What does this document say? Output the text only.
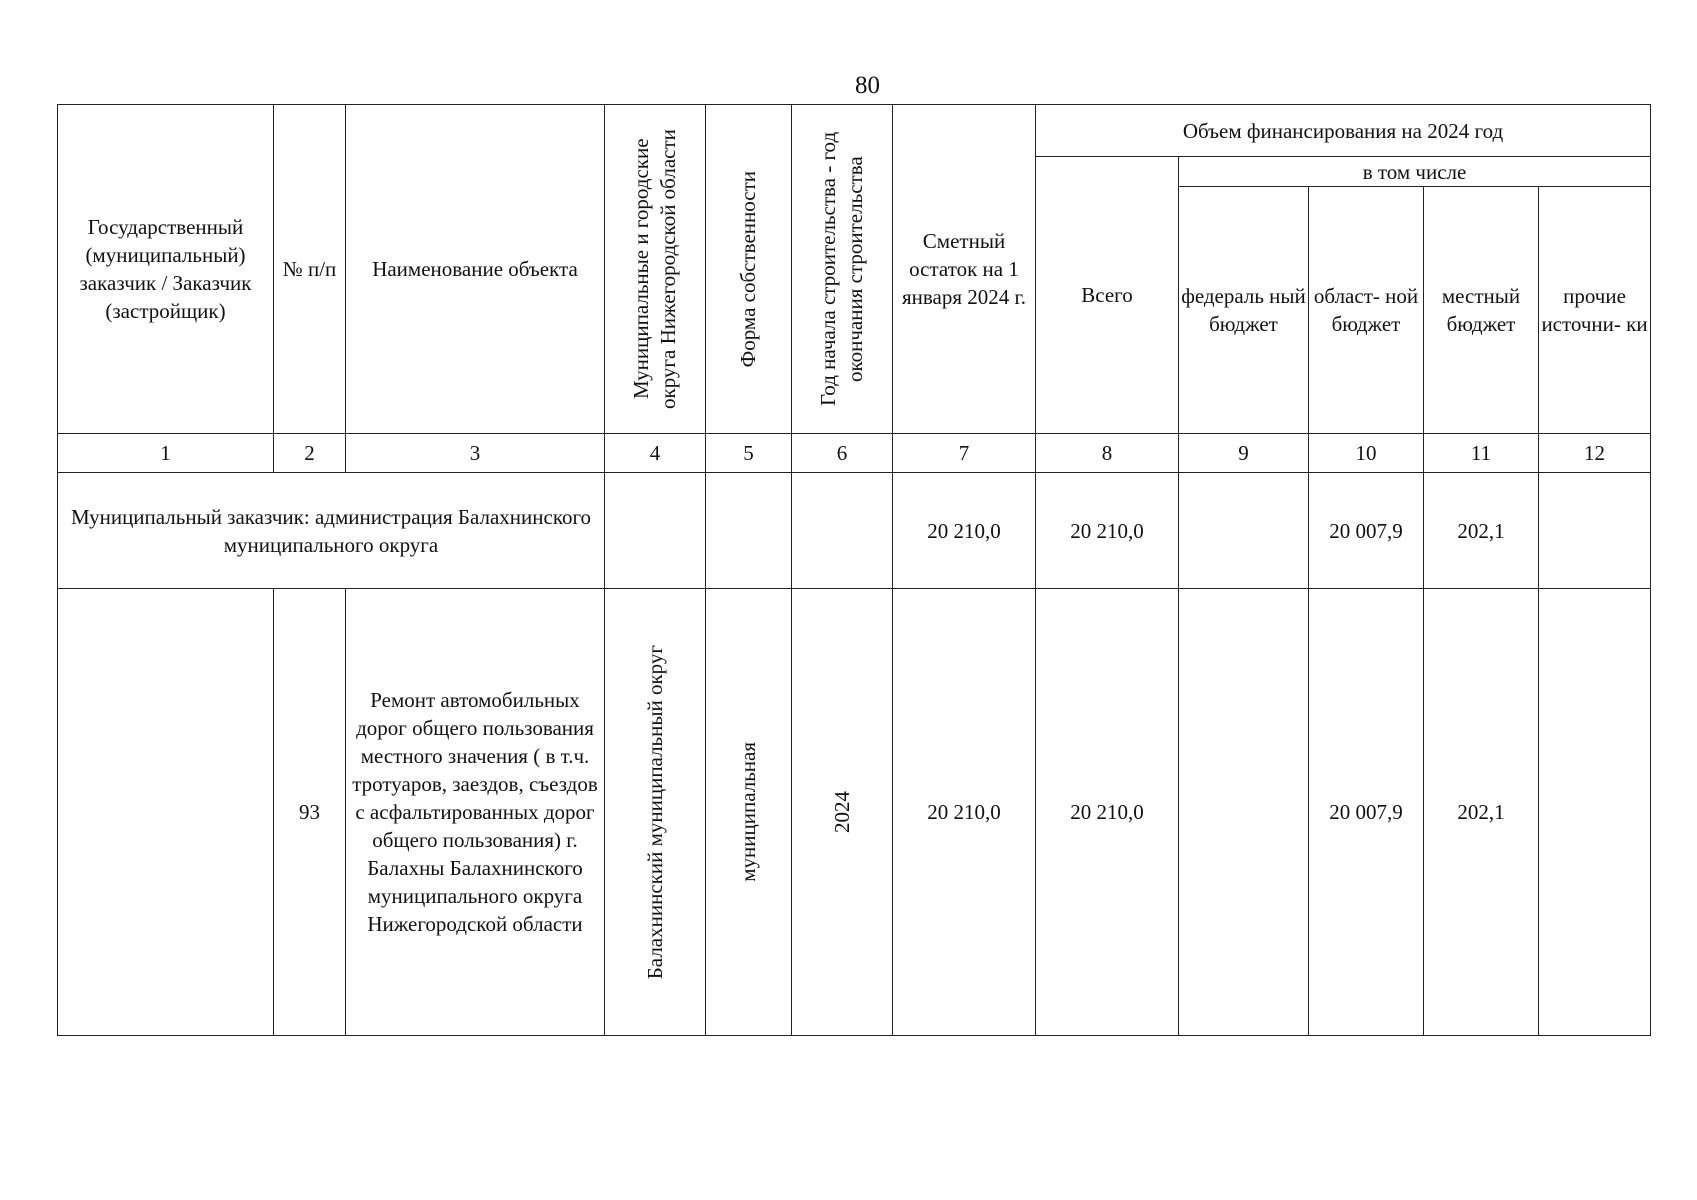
80
Государственный (муниципальный) заказчик / Заказчик (застройщик)	№ п/п	Наименование объекта	Муниципальные и городские округа Нижегородской области	Форма собственности	Год начала строительства - год окончания строительства	Сметный остаток на 1 января 2024 г.	Объем финансирования на 2024 год				
							Всего	в том числе			
								федераль ный бюджет	област- ной бюджет	местный бюджет	прочие источни- ки
1	2	3	4	5	6	7	8	9	10	11	12
Муниципальный заказчик: администрация Балахнинского муниципального округа						20 210,0	20 210,0		20 007,9	202,1	
	93	Ремонт автомобильных дорог общего пользования местного значения ( в т.ч. тротуаров, заездов, съездов с асфальтированных дорог общего пользования) г. Балахны Балахнинского муниципального округа Нижегородской области	Балахнинский муниципальный округ	муниципальная	2024	20 210,0	20 210,0		20 007,9	202,1	
